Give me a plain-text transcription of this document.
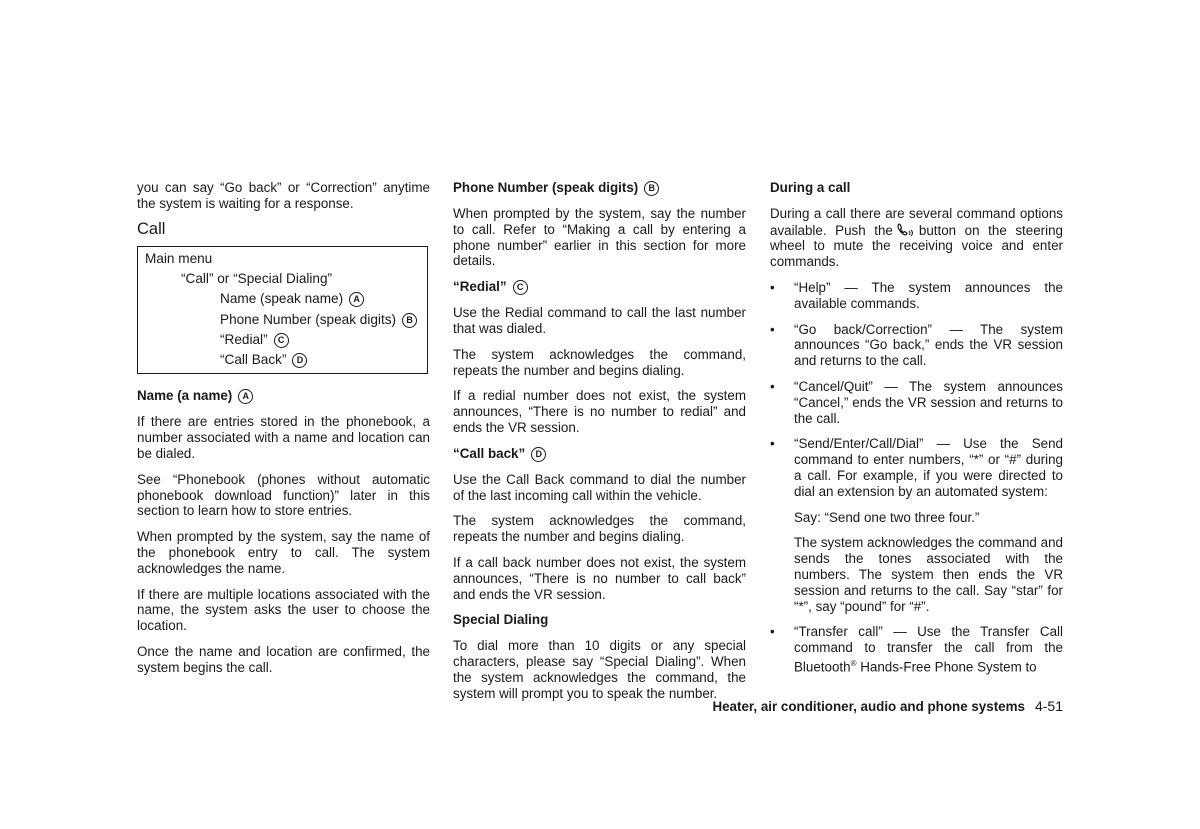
you can say “Go back” or “Correction” anytime the system is waiting for a response.

Call
Main menu
“Call” or “Special Dialing”
Name (speak name) A
Phone Number (speak digits) B
“Redial” C
“Call Back” D
Name (a name) A

If there are entries stored in the phonebook, a number associated with a name and location can be dialed.

See “Phonebook (phones without automatic phonebook download function)” later in this section to learn how to store entries.

When prompted by the system, say the name of the phonebook entry to call. The system acknowledges the name.

If there are multiple locations associated with the name, the system asks the user to choose the location.

Once the name and location are confirmed, the system begins the call.

Phone Number (speak digits) B

When prompted by the system, say the number to call. Refer to “Making a call by entering a phone number” earlier in this section for more details.

“Redial” C

Use the Redial command to call the last number that was dialed.

The system acknowledges the command, repeats the number and begins dialing.

If a redial number does not exist, the system announces, “There is no number to redial” and ends the VR session.

“Call back” D

Use the Call Back command to dial the number of the last incoming call within the vehicle.

The system acknowledges the command, repeats the number and begins dialing.

If a call back number does not exist, the system announces, “There is no number to call back” and ends the VR session.

Special Dialing

To dial more than 10 digits or any special characters, please say “Special Dialing”. When the system acknowledges the command, the system will prompt you to speak the number.

During a call

During a call there are several command options available. Push the button on the steering wheel to mute the receiving voice and enter commands.

• “Help” — The system announces the available commands.
• “Go back/Correction” — The system announces “Go back,” ends the VR session and returns to the call.
• “Cancel/Quit” — The system announces “Cancel,” ends the VR session and returns to the call.

• “Send/Enter/Call/Dial” — Use the Send command to enter numbers, “*” or “#” during a call. For example, if you were directed to dial an extension by an automated system:

Say: “Send one two three four.”

The system acknowledges the command and sends the tones associated with the numbers. The system then ends the VR session and returns to the call. Say “star” for “*”, say “pound” for “#”.

• “Transfer call” — Use the Transfer Call command to transfer the call from the Bluetooth® Hands-Free Phone System to
Heater, air conditioner, audio and phone systems 4-51
